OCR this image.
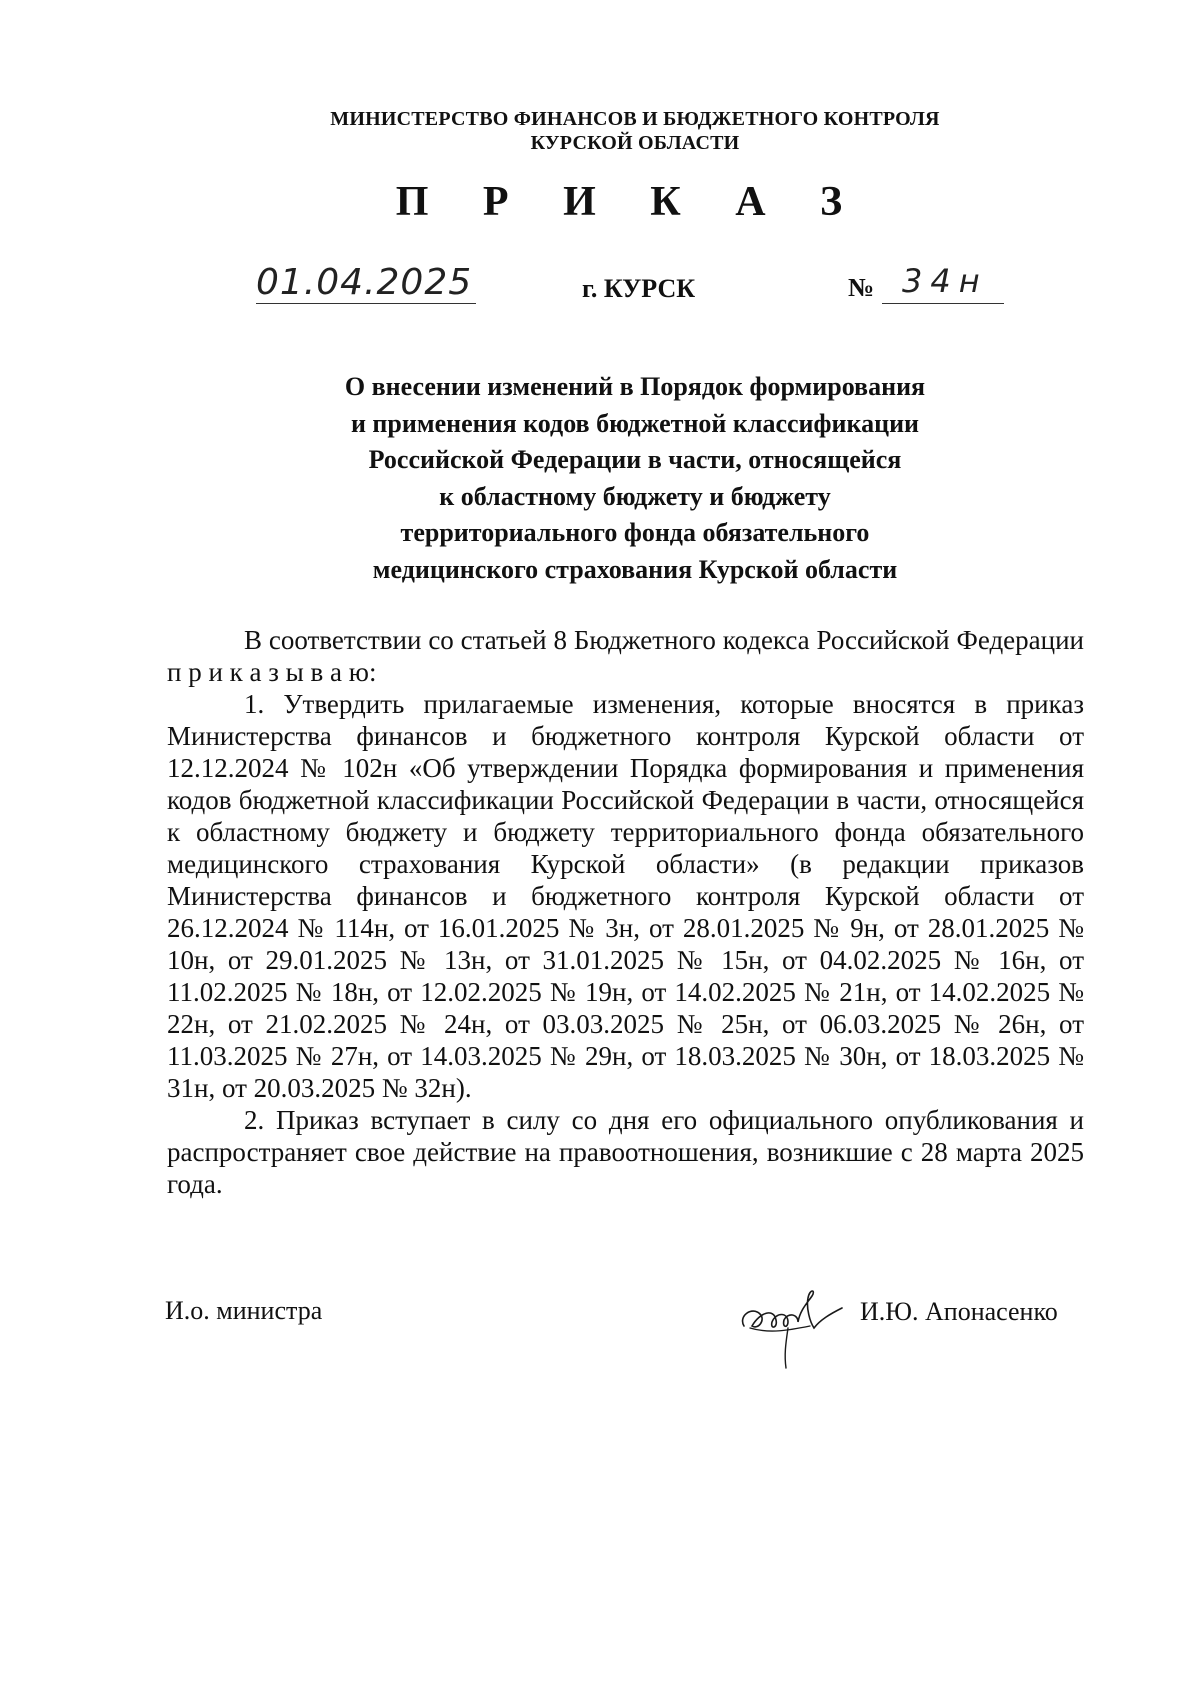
МИНИСТЕРСТВО ФИНАНСОВ И БЮДЖЕТНОГО КОНТРОЛЯ
КУРСКОЙ ОБЛАСТИ
П Р И К А З
01.04.2025	г. КУРСК	№ 34н
О внесении изменений в Порядок формирования
и применения кодов бюджетной классификации
Российской Федерации в части, относящейся
к областному бюджету и бюджету
территориального фонда обязательного
медицинского страхования Курской области

В соответствии со статьей 8 Бюджетного кодекса Российской Федерации п р и к а з ы в а ю:

1. Утвердить прилагаемые изменения, которые вносятся в приказ Министерства финансов и бюджетного контроля Курской области от 12.12.2024 № 102н «Об утверждении Порядка формирования и применения кодов бюджетной классификации Российской Федерации в части, относящейся к областному бюджету и бюджету территориального фонда обязательного медицинского страхования Курской области» (в редакции приказов Министерства финансов и бюджетного контроля Курской области от 26.12.2024 № 114н, от 16.01.2025 № 3н, от 28.01.2025 № 9н, от 28.01.2025 № 10н, от 29.01.2025 № 13н, от 31.01.2025 № 15н, от 04.02.2025 № 16н, от 11.02.2025 № 18н, от 12.02.2025 № 19н, от 14.02.2025 № 21н, от 14.02.2025 № 22н, от 21.02.2025 № 24н, от 03.03.2025 № 25н, от 06.03.2025 № 26н, от 11.03.2025 № 27н, от 14.03.2025 № 29н, от 18.03.2025 № 30н, от 18.03.2025 № 31н, от 20.03.2025 № 32н).

2. Приказ вступает в силу со дня его официального опубликования и распространяет свое действие на правоотношения, возникшие с 28 марта 2025 года.

И.о. министра	И.Ю. Апонасенко
